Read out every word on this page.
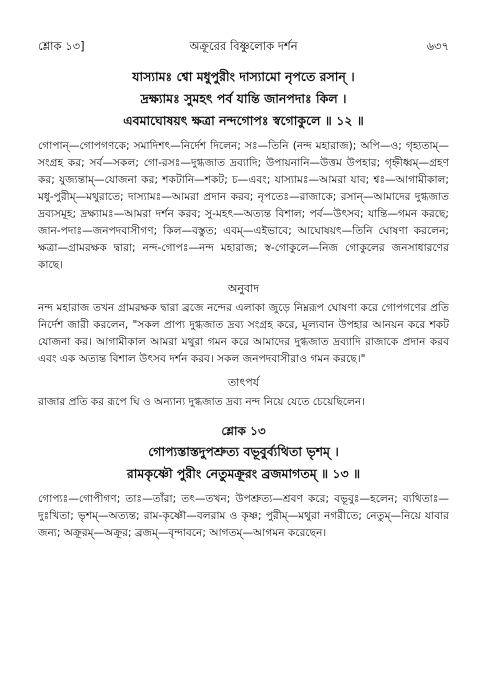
শ্লোক ১৩]	অক্রূরের বিষ্ণুলোক দর্শন	৬৩৭
যাস্যামঃ শ্বো মধুপুরীং দাস্যামো নৃপতে রসান্ ।
দ্রক্ষ্যামঃ সুমহৎ পর্ব যান্তি জানপদাঃ কিল ।
এবমাঘোষয়ৎ ক্ষত্রা নন্দগোপঃ স্বগোকুলে ॥ ১২ ॥

গোপান্—গোপগণকে; সমাদিশৎ—নির্দেশ দিলেন; সঃ—তিনি (নন্দ মহারাজ); অপি—ও; গৃহ্যতাম্—সংগ্রহ কর; সর্ব—সকল; গো-রসঃ—দুগ্ধজাত দ্রব্যাদি; উপায়নানি—উত্তম উপহার; গৃহ্নীধ্বম্—গ্রহণ কর; যুজ্যন্তাম্—যোজনা কর; শকটানি—শকট; চ—এবং; যাস্যামঃ—আমরা যাব; শ্বঃ—আগামীকাল; মধু-পুরীম্—মথুরাতে; দাস্যামঃ—আমরা প্রদান করব; নৃপতেঃ—রাজাকে; রসান্—আমাদের দুগ্ধজাত দ্রব্যসমূহ; দ্রক্ষ্যামঃ—আমরা দর্শন করব; সু-মহৎ—অত্যন্ত বিশাল; পর্ব—উৎসব; যান্তি—গমন করছে; জান-পদাঃ—জনপদবাসীগণ; কিল—বস্তুত; এবম্—এইভাবে; আঘোষয়ৎ—তিনি ঘোষণা করলেন; ক্ষত্রা—গ্রামরক্ষক দ্বারা; নন্দ-গোপঃ—নন্দ মহারাজ; স্ব-গোকুলে—নিজ গোকুলের জনসাধারণের কাছে।

অনুবাদ

নন্দ মহারাজ তখন গ্রামরক্ষক দ্বারা ব্রজে নন্দের এলাকা জুড়ে নিম্নরূপ ঘোষণা করে গোপগণের প্রতি নির্দেশ জারী করলেন, "সকল প্রাপ্য দুগ্ধজাত দ্রব্য সংগ্রহ করে, মূল্যবান উপহার আনয়ন করে শকট যোজনা কর। আগামীকাল আমরা মথুরা গমন করে আমাদের দুগ্ধজাত দ্রব্যাদি রাজাকে প্রদান করব এবং এক অত্যন্ত বিশাল উৎসব দর্শন করব। সকল জনপদবাসীরাও গমন করছে।"

তাৎপর্য

রাজার প্রতি কর রূপে ঘি ও অন্যান্য দুগ্ধজাত দ্রব্য নন্দ নিয়ে যেতে চেয়েছিলেন।

শ্লোক ১৩
গোপ্যস্তাস্তদুপশ্রুত্য বভূবুর্ব্যথিতা ভৃশম্ ।
রামকৃষ্ণৌ পুরীং নেতুমক্রূরং ব্রজমাগতম্ ॥ ১৩ ॥

গোপ্যঃ—গোপীগণ; তাঃ—তাঁরা; তৎ—তখন; উপশ্রুত্য—শ্রবণ করে; বভূবুঃ—হলেন; ব্যথিতাঃ—দুঃখিতা; ভৃশম্—অত্যন্ত; রাম-কৃষ্ণৌ—বলরাম ও কৃষ্ণ; পুরীম্—মথুরা নগরীতে; নেতুম্—নিয়ে যাবার জন্য; অক্রূরম্—অক্রূর; ব্রজম্—বৃন্দাবনে; আগতম্—আগমন করেছেন।
